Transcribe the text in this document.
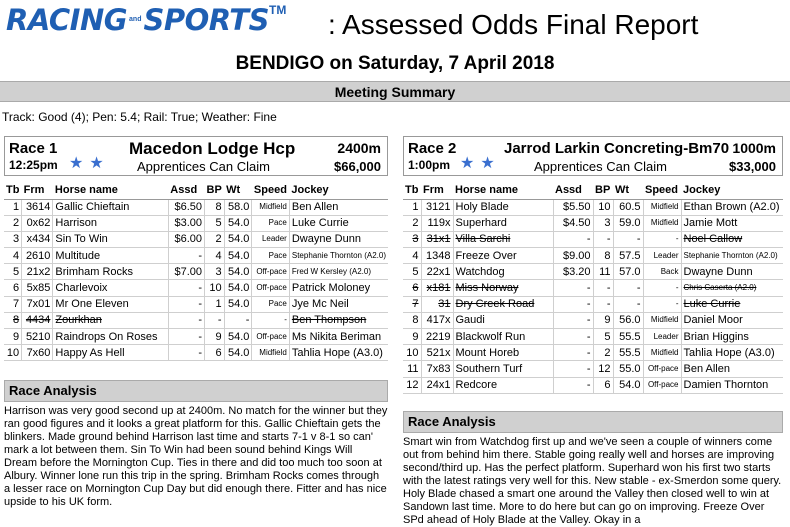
RACING and SPORTS TM : Assessed Odds Final Report
BENDIGO on Saturday, 7 April 2018
Meeting Summary
Track: Good (4); Pen: 5.4; Rail: True; Weather: Fine
Race 1
12:25pm ★★
Macedon Lodge Hcp
Apprentices Can Claim
2400m
$66,000
Tb	Frm	Horse name	Assd	BP	Wt	Speed	Jockey
1	3614	Gallic Chieftain	$6.50	8	58.0	Midfield	Ben Allen
2	0x62	Harrison	$3.00	5	54.0	Pace	Luke Currie
3	x434	Sin To Win	$6.00	2	54.0	Leader	Dwayne Dunn
4	2610	Multitude	-	4	54.0	Pace	Stephanie Thornton (A2.0)
5	21x2	Brimham Rocks	$7.00	3	54.0	Off-pace	Fred W Kersley (A2.0)
6	5x85	Charlevoix	-	10	54.0	Off-pace	Patrick Moloney
7	7x01	Mr One Eleven	-	1	54.0	Pace	Jye Mc Neil
8	4434	Zourkhan	-	-	-	-	Ben Thompson
9	5210	Raindrops On Roses	-	9	54.0	Off-pace	Ms Nikita Beriman
10	7x60	Happy As Hell	-	6	54.0	Midfield	Tahlia Hope (A3.0)
Race Analysis
Harrison was very good second up at 2400m. No match for the winner but they ran good figures and it looks a great platform for this. Gallic Chieftain gets the blinkers. Made ground behind Harrison last time and starts 7-1 v 8-1 so can' mark a lot between them. Sin To Win had been sound behind Kings Will Dream before the Mornington Cup. Ties in there and did too much too soon at Albury. Winner lone run this trip in the spring. Brimham Rocks comes through a lesser race on Mornington Cup Day but did enough there. Fitter and has nice upside to his UK form.
Race 2
1:00pm ★★
Jarrod Larkin Concreting-Bm70
Apprentices Can Claim
1000m
$33,000
Tb	Frm	Horse name	Assd	BP	Wt	Speed	Jockey
1	3121	Holy Blade	$5.50	10	60.5	Midfield	Ethan Brown (A2.0)
2	119x	Superhard	$4.50	3	59.0	Midfield	Jamie Mott
3	31x1	Villa Sarchi	-	-	-	-	Noel Callow
4	1348	Freeze Over	$9.00	8	57.5	Leader	Stephanie Thornton (A2.0)
5	22x1	Watchdog	$3.20	11	57.0	Back	Dwayne Dunn
6	x181	Miss Norway	-	-	-	-	Chris Caserta (A2.0)
7	31	Dry Creek Road	-	-	-	-	Luke Currie
8	417x	Gaudi	-	9	56.0	Midfield	Daniel Moor
9	2219	Blackwolf Run	-	5	55.5	Leader	Brian Higgins
10	521x	Mount Horeb	-	2	55.5	Midfield	Tahlia Hope (A3.0)
11	7x83	Southern Turf	-	12	55.0	Off-pace	Ben Allen
12	24x1	Redcore	-	6	54.0	Off-pace	Damien Thornton
Race Analysis
Smart win from Watchdog first up and we've seen a couple of winners come out from behind him there. Stable going really well and horses are improving second/third up. Has the perfect platform. Superhard won his first two starts with the latest ratings very well for this. New stable - ex-Smerdon some query. Holy Blade chased a smart one around the Valley then closed well to win at Sandown last time. More to do here but can go on improving. Freeze Over SPd ahead of Holy Blade at the Valley. Okay in a
